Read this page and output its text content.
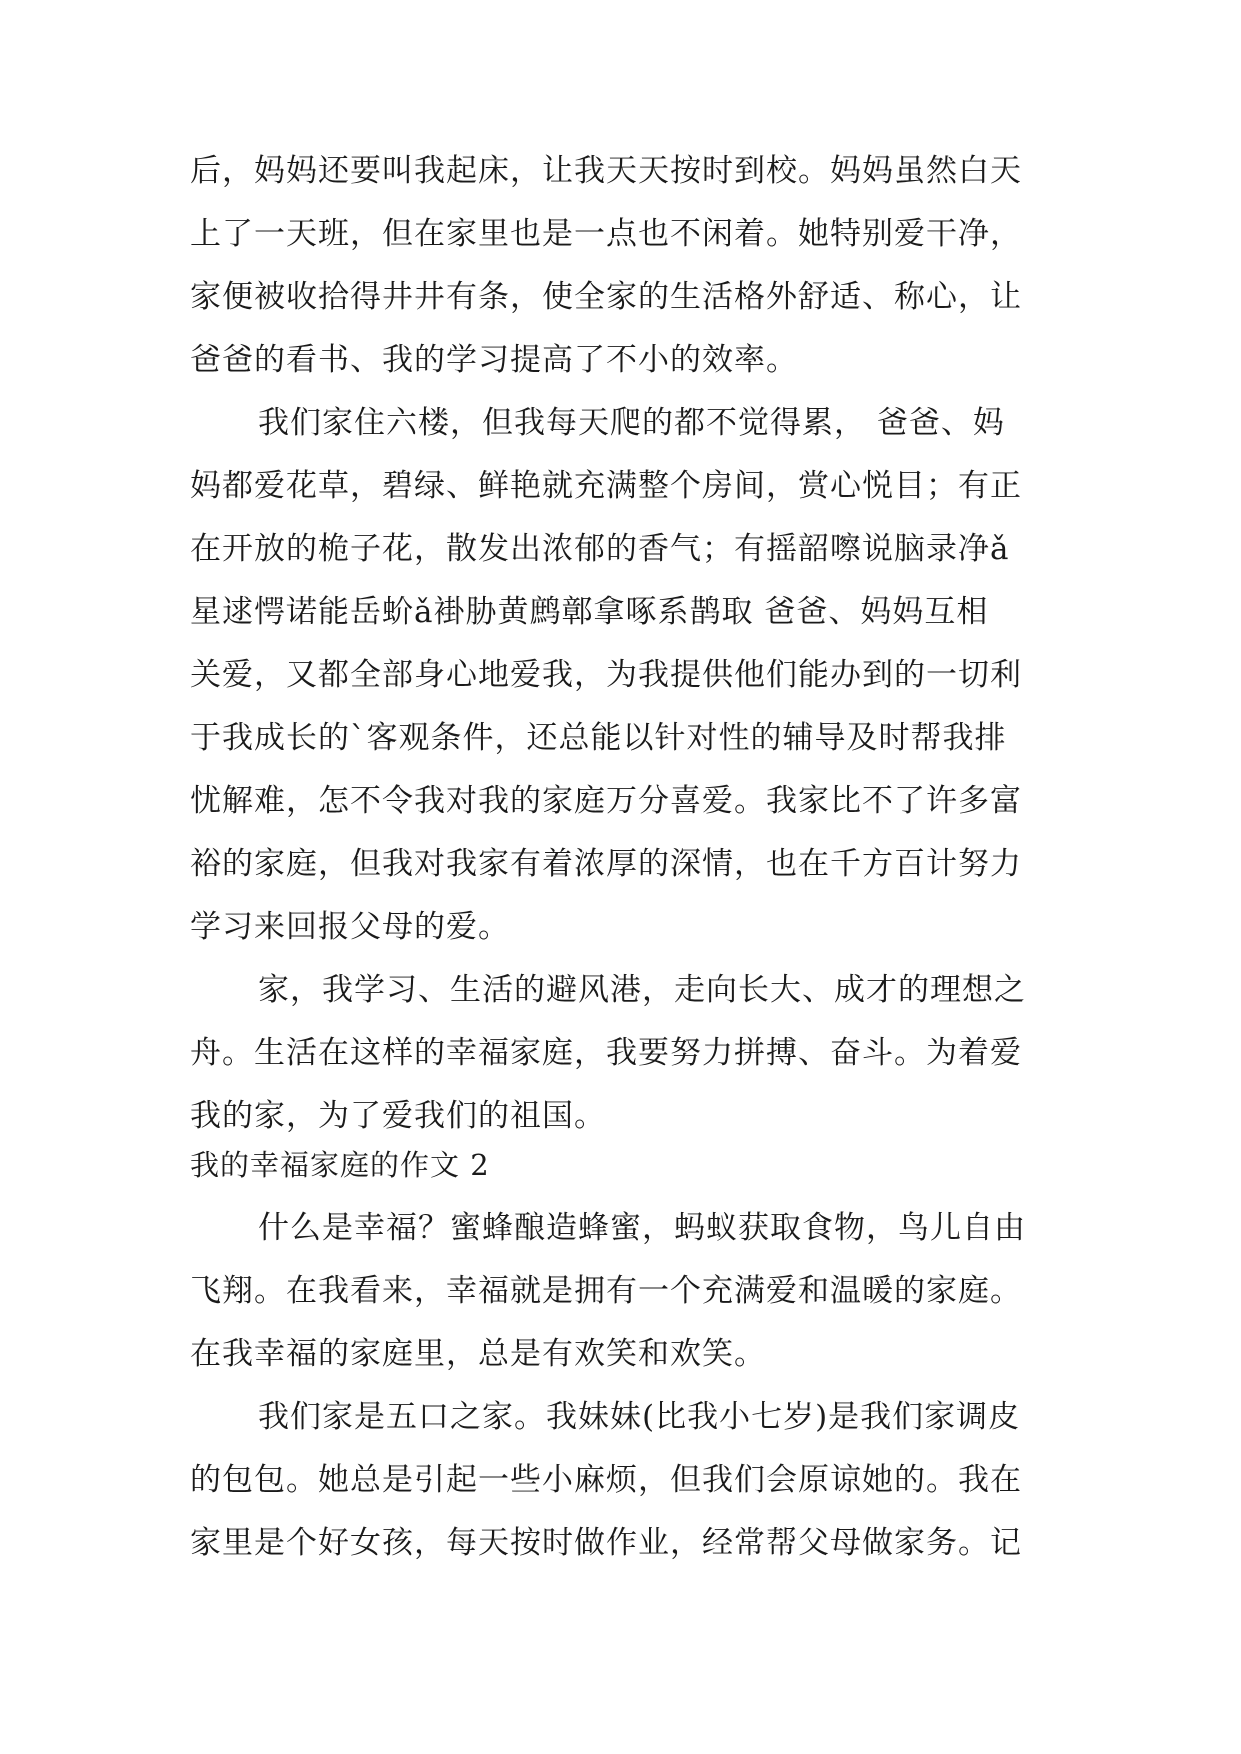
后，妈妈还要叫我起床，让我天天按时到校。妈妈虽然白天
上了一天班，但在家里也是一点也不闲着。她特别爱干净，
家便被收拾得井井有条，使全家的生活格外舒适、称心，让
爸爸的看书、我的学习提高了不小的效率。
我们家住六楼，但我每天爬的都不觉得累， 爸爸、妈
妈都爱花草，碧绿、鲜艳就充满整个房间，赏心悦目；有正
在开放的桅子花，散发出浓郁的香气；有摇韶嚓说脑录净ǎ
星逑愕诺能岳蚧ǎ褂胁黄鹧鄣拿啄系鹊取 爸爸、妈妈互相
关爱，又都全部身心地爱我，为我提供他们能办到的一切利
于我成长的`客观条件，还总能以针对性的辅导及时帮我排
忧解难，怎不令我对我的家庭万分喜爱。我家比不了许多富
裕的家庭，但我对我家有着浓厚的深情，也在千方百计努力
学习来回报父母的爱。
家，我学习、生活的避风港，走向长大、成才的理想之
舟。生活在这样的幸福家庭，我要努力拼搏、奋斗。为着爱
我的家，为了爱我们的祖国。
我的幸福家庭的作文 2
什么是幸福？蜜蜂酿造蜂蜜，蚂蚁获取食物，鸟儿自由
飞翔。在我看来，幸福就是拥有一个充满爱和温暖的家庭。
在我幸福的家庭里，总是有欢笑和欢笑。
我们家是五口之家。我妹妹(比我小七岁)是我们家调皮
的包包。她总是引起一些小麻烦，但我们会原谅她的。我在
家里是个好女孩，每天按时做作业，经常帮父母做家务。记
